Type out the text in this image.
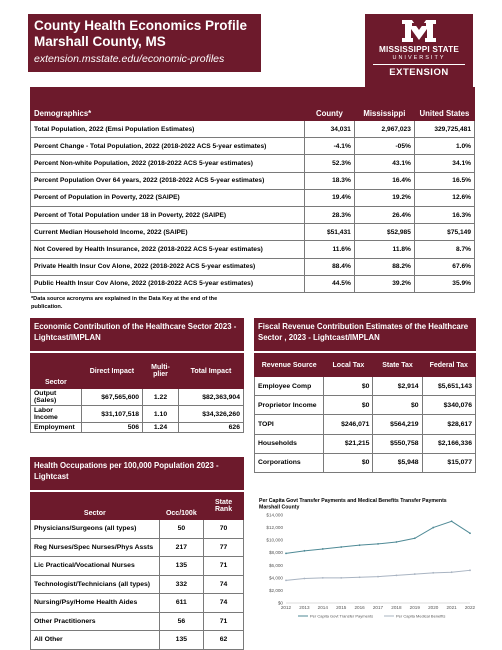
County Health Economics Profile
Marshall County, MS
extension.msstate.edu/economic-profiles
MISSISSIPPI STATE
UNIVERSITY
EXTENSION
Demographics*	County	Mississippi	United States
Total Population, 2022 (Emsi Population Estimates)	34,031	2,967,023	329,725,481
Percent Change - Total Population, 2022 (2018-2022 ACS 5-year estimates)	-4.1%	-05%	1.0%
Percent Non-white Population, 2022 (2018-2022 ACS 5-year estimates)	52.3%	43.1%	34.1%
Percent Population Over 64 years, 2022 (2018-2022 ACS 5-year estimates)	18.3%	16.4%	16.5%
Percent of Population in Poverty, 2022 (SAIPE)	19.4%	19.2%	12.6%
Percent of Total Population under 18 in Poverty, 2022 (SAIPE)	28.3%	26.4%	16.3%
Current Median Household Income, 2022 (SAIPE)	$51,431	$52,985	$75,149
Not Covered by Health Insurance, 2022 (2018-2022 ACS 5-year estimates)	11.6%	11.8%	8.7%
Private Health Insur Cov Alone, 2022 (2018-2022 ACS 5-year estimates)	88.4%	88.2%	67.6%
Public Health Insur Cov Alone, 2022 (2018-2022 ACS 5-year estimates)	44.5%	39.2%	35.9%
*Data source acronyms are explained in the Data Key at the end of the publication.
Economic Contribution of the Healthcare Sector 2023 - Lightcast/IMPLAN
Sector	Direct Impact	Multi-plier	Total Impact
Output (Sales)	$67,565,600	1.22	$82,363,904
Labor Income	$31,107,518	1.10	$34,326,260
Employment	506	1.24	626
Fiscal Revenue Contribution Estimates of the Healthcare Sector , 2023 - Lightcast/IMPLAN
Revenue Source	Local Tax	State Tax	Federal Tax
Employee Comp	$0	$2,914	$5,651,143
Proprietor Income	$0	$0	$340,076
TOPI	$246,071	$564,219	$28,617
Households	$21,215	$550,758	$2,166,336
Corporations	$0	$5,948	$15,077
Health Occupations per 100,000 Population 2023 - Lightcast
Sector	Occ/100k	State Rank
Physicians/Surgeons (all types)	50	70
Reg Nurses/Spec Nurses/Phys Assts	217	77
Lic Practical/Vocational Nurses	135	71
Technologist/Technicians (all types)	332	74
Nursing/Psy/Home Health Aides	611	74
Other Practitioners	56	71
All Other	135	62
Per Capita Govt Transfer Payments and Medical Benefits Transfer Payments Marshall County
$0
$2,000
$4,000
$6,000
$8,000
$10,000
$12,000
$14,000
2012 2013 2014 2015 2016 2017 2018 2019 2020 2021 2022
Per Capita Govt Transfer Payments	Per Capita Medical Benefits
